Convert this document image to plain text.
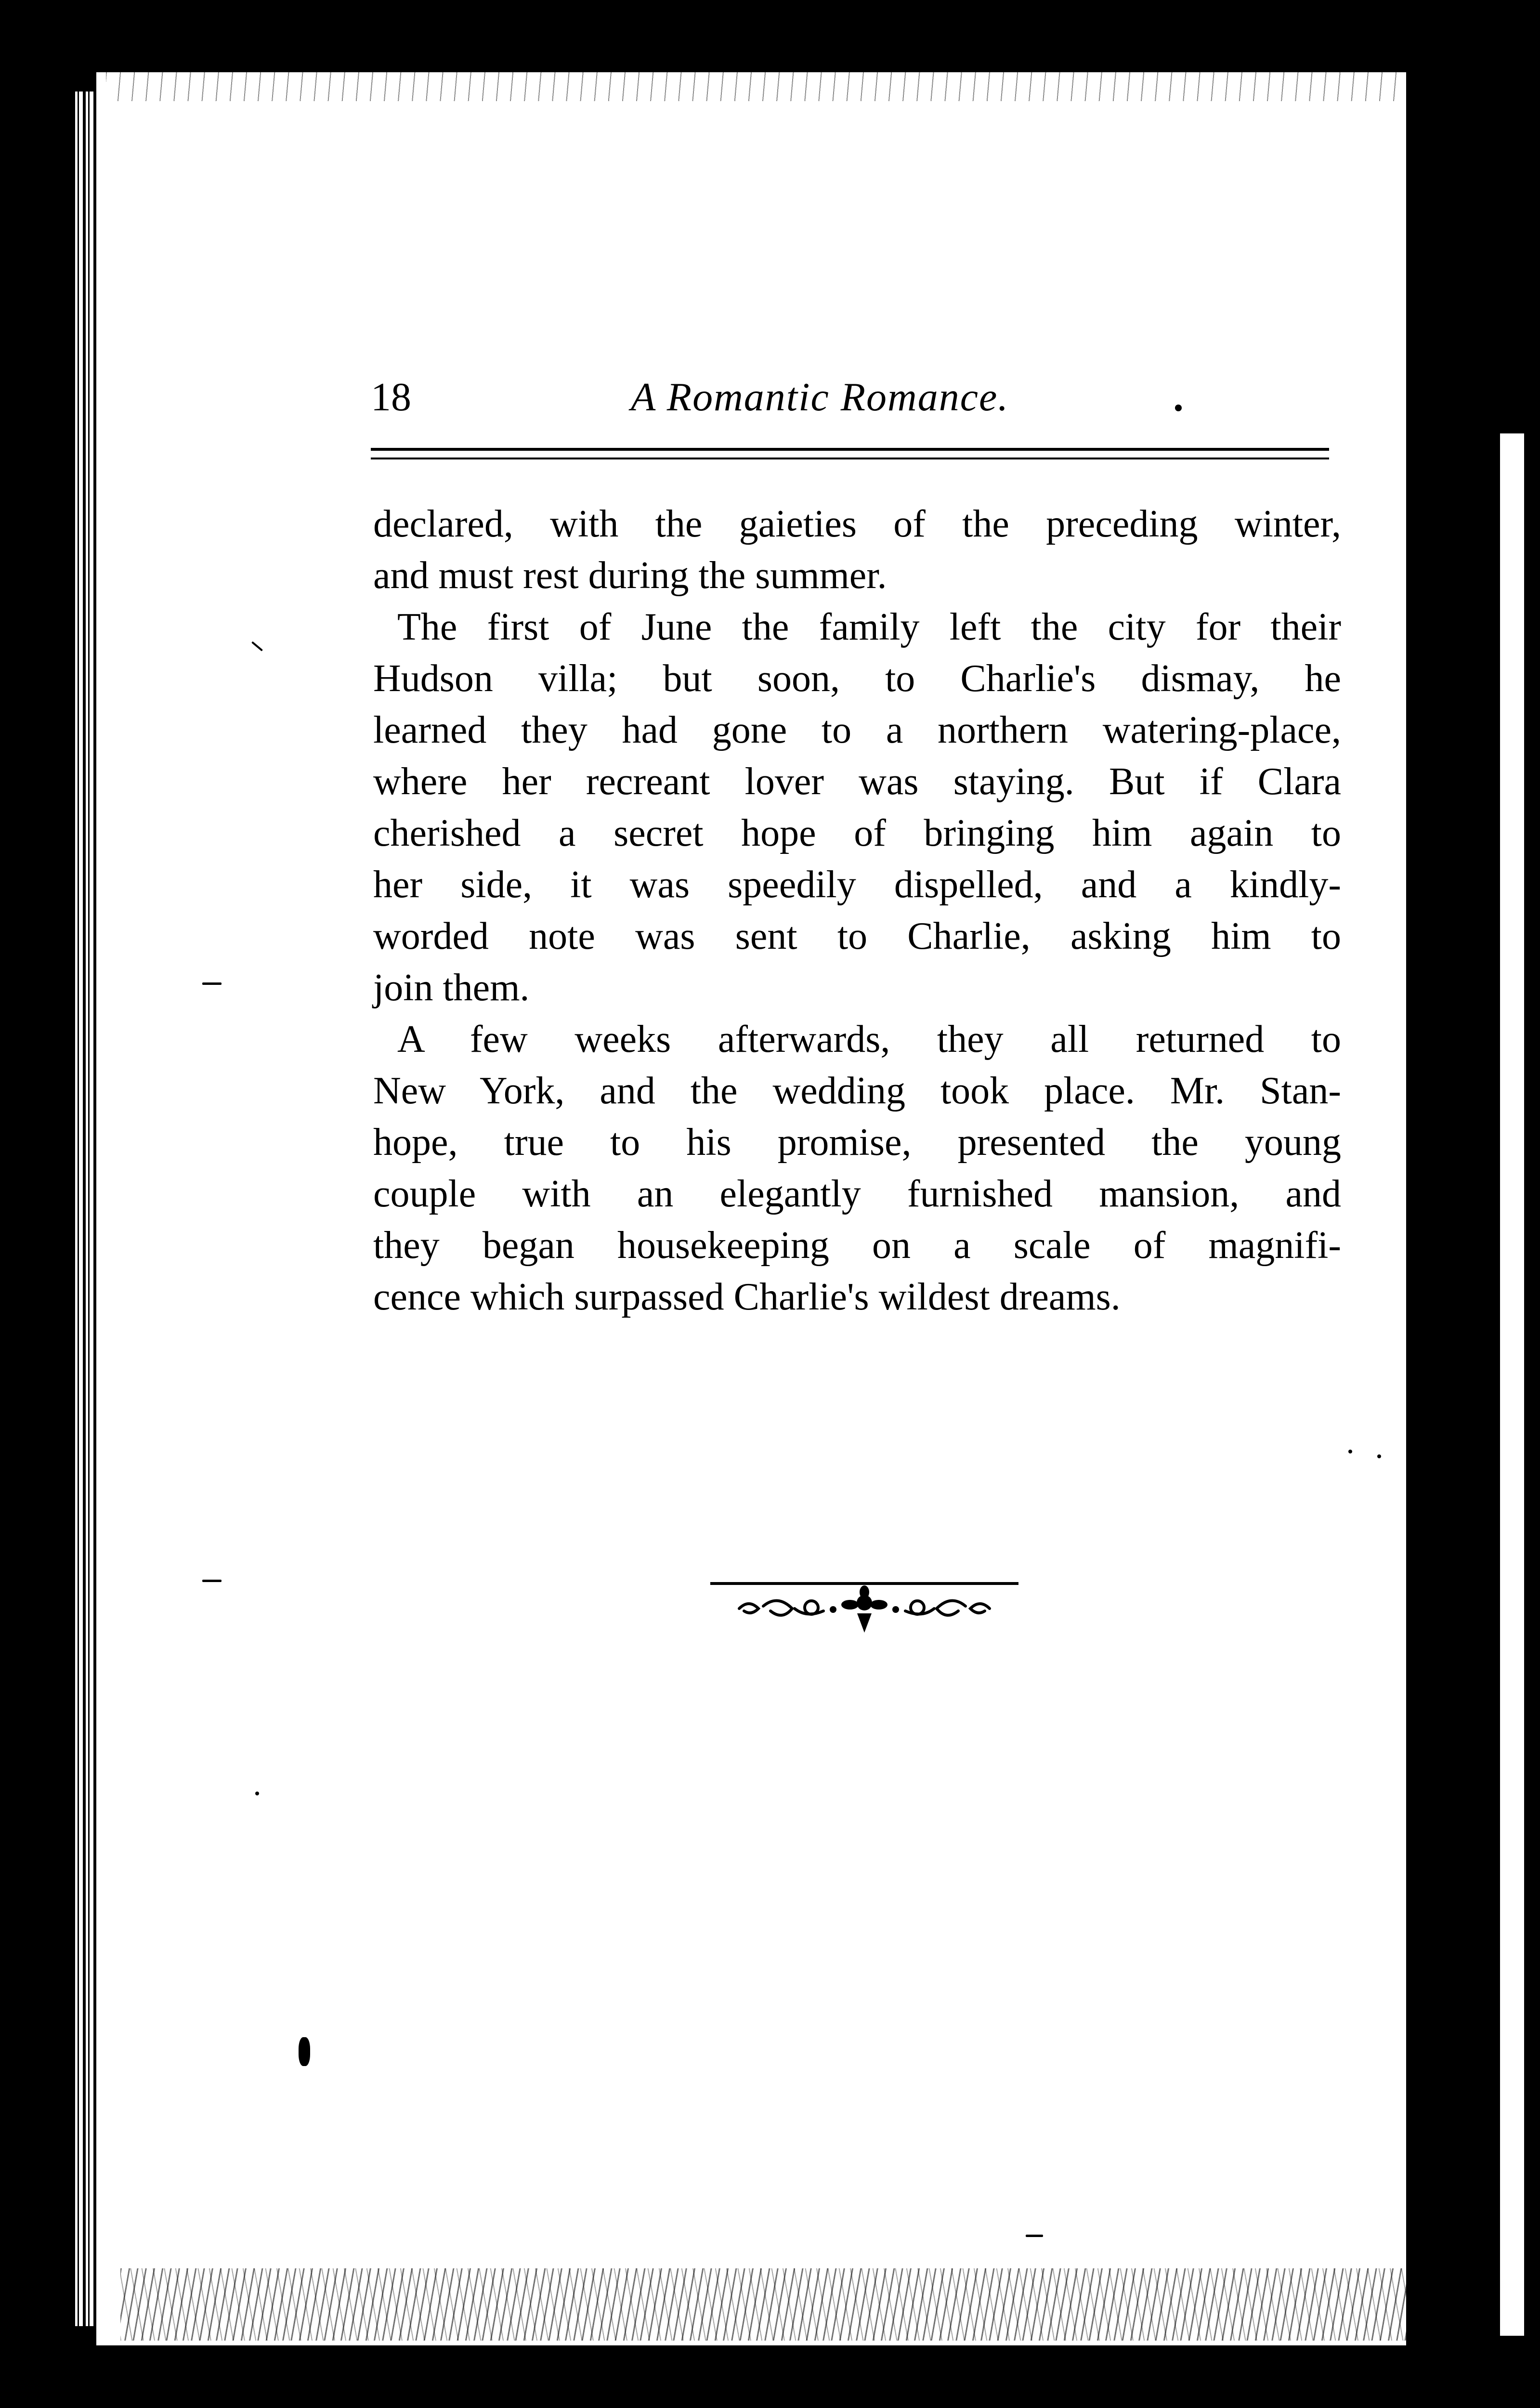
18	A Romantic Romance.
declared, with the gaieties of the preceding winter,
and must rest during the summer.
The first of June the family left the city for their
Hudson villa; but soon, to Charlie's dismay, he
learned they had gone to a northern watering-place,
where her recreant lover was staying. But if Clara
cherished a secret hope of bringing him again to
her side, it was speedily dispelled, and a kindly-
worded note was sent to Charlie, asking him to
join them.
A few weeks afterwards, they all returned to
New York, and the wedding took place. Mr. Stan-
hope, true to his promise, presented the young
couple with an elegantly furnished mansion, and
they began housekeeping on a scale of magnifi-
cence which surpassed Charlie's wildest dreams.
